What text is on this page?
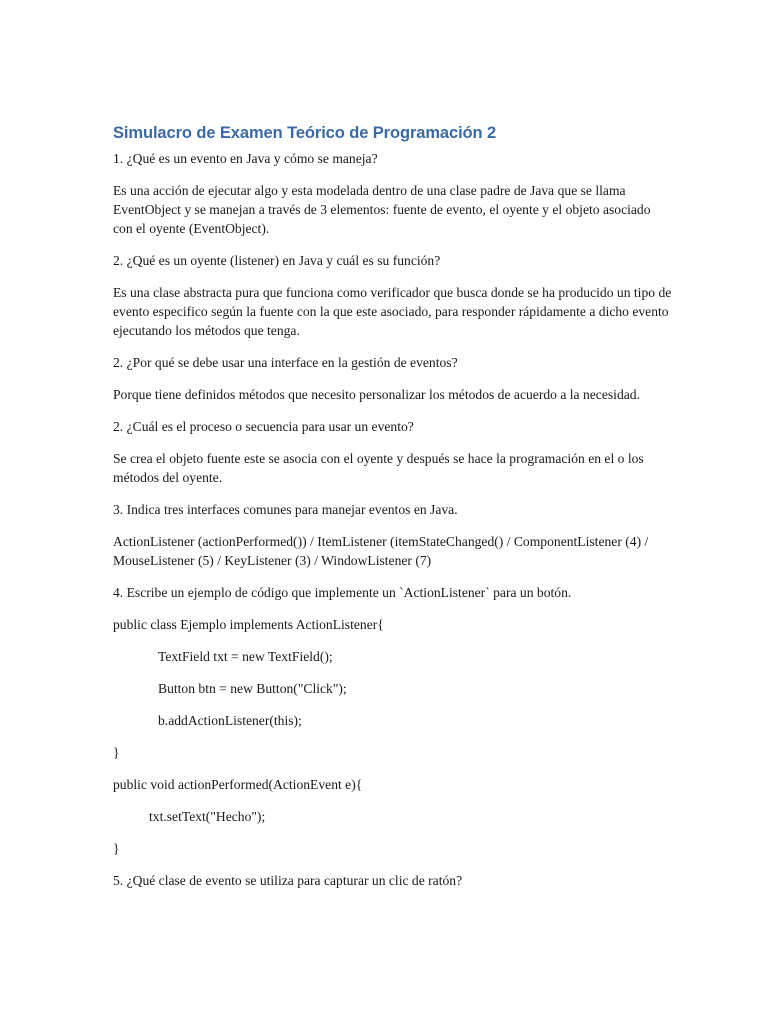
Simulacro de Examen Teórico de Programación 2

1. ¿Qué es un evento en Java y cómo se maneja?

Es una acción de ejecutar algo y esta modelada dentro de una clase padre de Java que se llama EventObject y se manejan a través de 3 elementos: fuente de evento, el oyente y el objeto asociado con el oyente (EventObject).

2. ¿Qué es un oyente (listener) en Java y cuál es su función?

Es una clase abstracta pura que funciona como verificador que busca donde se ha producido un tipo de evento especifico según la fuente con la que este asociado, para responder rápidamente a dicho evento ejecutando los métodos que tenga.

2. ¿Por qué se debe usar una interface en la gestión de eventos?

Porque tiene definidos métodos que necesito personalizar los métodos de acuerdo a la necesidad.

2. ¿Cuál es el proceso o secuencia para usar un evento?

Se crea el objeto fuente este se asocia con el oyente y después se hace la programación en el o los métodos del oyente.

3. Indica tres interfaces comunes para manejar eventos en Java.

ActionListener (actionPerformed()) / ItemListener (itemStateChanged() / ComponentListener (4) / MouseListener (5) / KeyListener (3) / WindowListener (7)

4. Escribe un ejemplo de código que implemente un `ActionListener` para un botón.

public class Ejemplo implements ActionListener{

TextField txt = new TextField();

Button btn = new Button("Click");

b.addActionListener(this);

}

public void actionPerformed(ActionEvent e){

txt.setText("Hecho");

}

5. ¿Qué clase de evento se utiliza para capturar un clic de ratón?
